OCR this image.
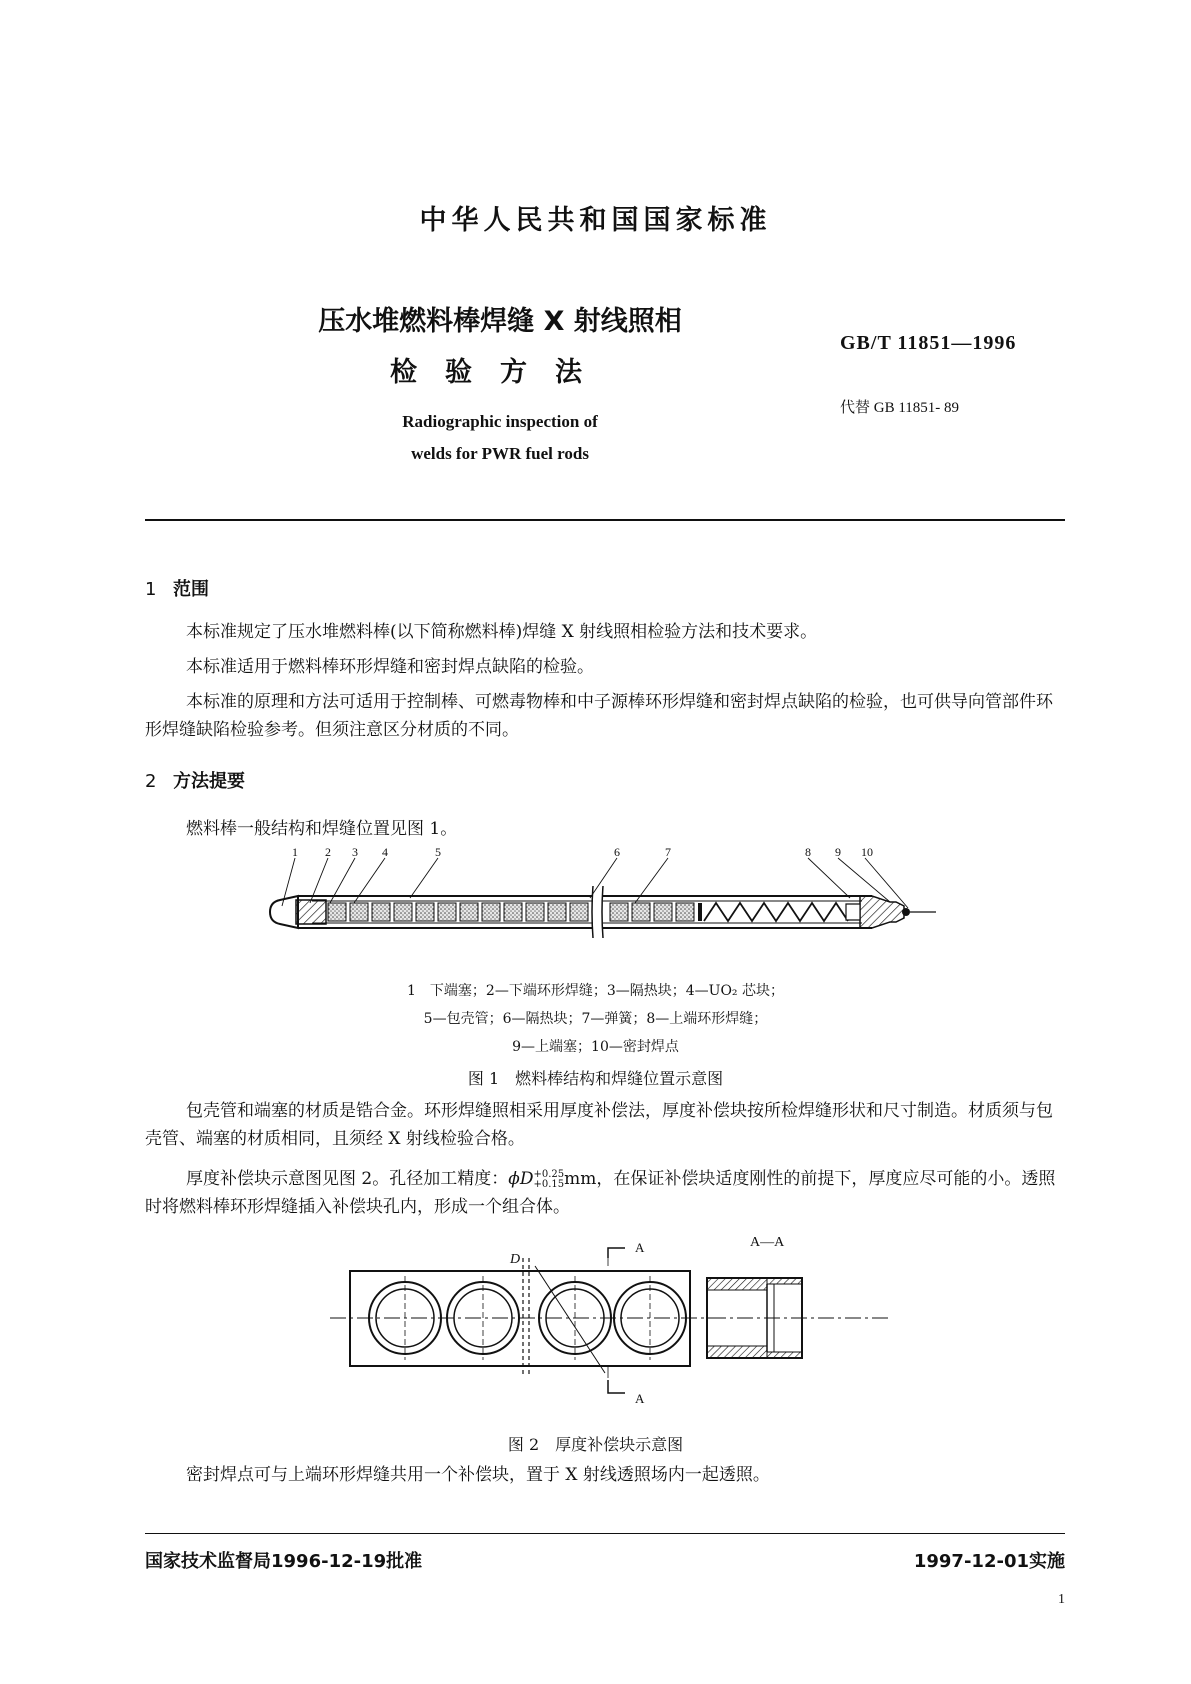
中华人民共和国国家标准
压水堆燃料棒焊缝 X 射线照相
检验方法
GB/T 11851—1996
代替 GB 11851- 89
Radiographic inspection of
welds for PWR fuel rods
1 范围
本标准规定了压水堆燃料棒(以下简称燃料棒)焊缝 X 射线照相检验方法和技术要求。
本标准适用于燃料棒环形焊缝和密封焊点缺陷的检验。
本标准的原理和方法可适用于控制棒、可燃毒物棒和中子源棒环形焊缝和密封焊点缺陷的检验，也可供导向管部件环形焊缝缺陷检验参考。但须注意区分材质的不同。
2 方法提要
燃料棒一般结构和焊缝位置见图 1。
1 2 3 4	5	6	7	8 9 10
1　下端塞；2—下端环形焊缝；3—隔热块；4—UO₂ 芯块；
5—包壳管；6—隔热块；7—弹簧；8—上端环形焊缝；
9—上端塞；10—密封焊点
图 1　燃料棒结构和焊缝位置示意图
包壳管和端塞的材质是锆合金。环形焊缝照相采用厚度补偿法，厚度补偿块按所检焊缝形状和尺寸制造。材质须与包壳管、端塞的材质相同，且须经 X 射线检验合格。
厚度补偿块示意图见图 2。孔径加工精度：ϕD +0.25
+0.15 mm，在保证补偿块适度刚性的前提下，厚度应尽可能的小。透照时将燃料棒环形焊缝插入补偿块孔内，形成一个组合体。
D
A
A
A—A
图 2　厚度补偿块示意图
密封焊点可与上端环形焊缝共用一个补偿块，置于 X 射线透照场内一起透照。
国家技术监督局1996-12-19批准	1997-12-01实施
1
